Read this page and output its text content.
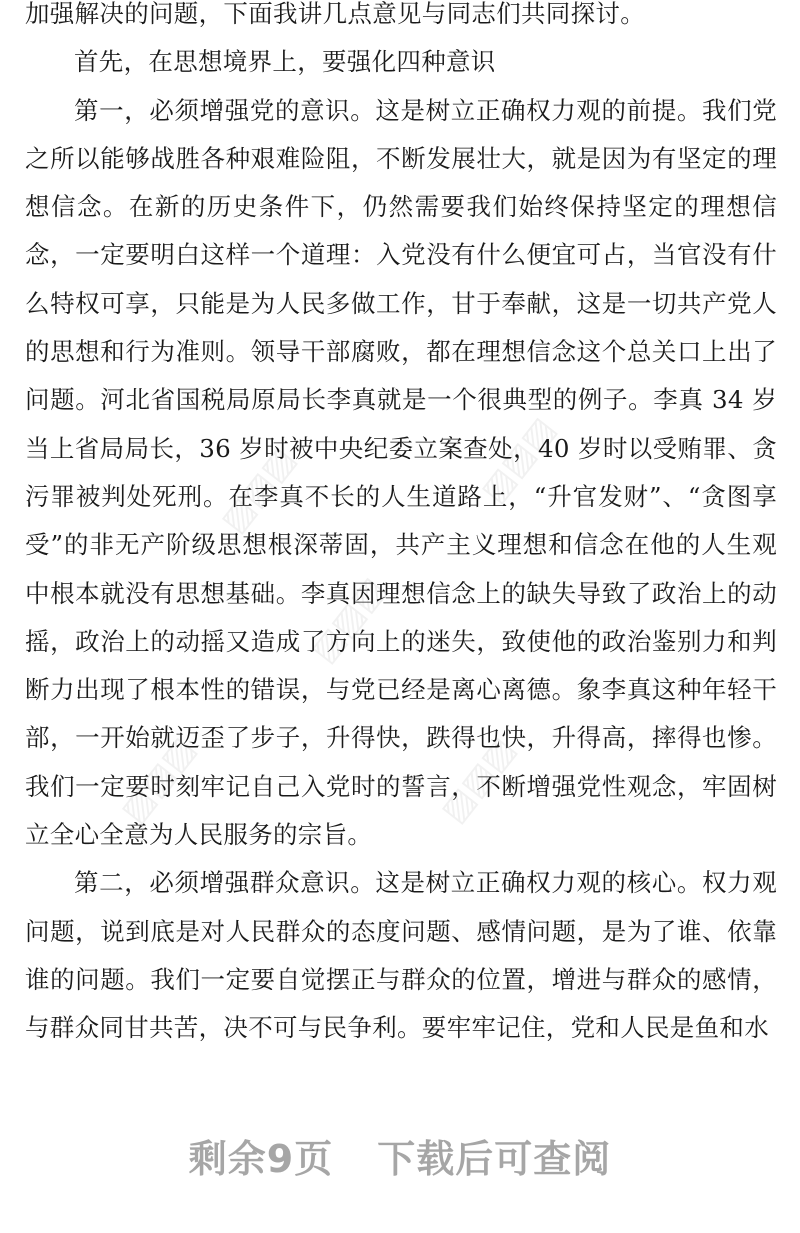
▨▨▨	▨▨▨
▨▨▨
▨▨▨	▨▨▨

加强解决的问题，下面我讲几点意见与同志们共同探讨。

首先，在思想境界上，要强化四种意识

第一，必须增强党的意识。这是树立正确权力观的前提。我们党之所以能够战胜各种艰难险阻，不断发展壮大，就是因为有坚定的理想信念。在新的历史条件下，仍然需要我们始终保持坚定的理想信念，一定要明白这样一个道理：入党没有什么便宜可占，当官没有什么特权可享，只能是为人民多做工作，甘于奉献，这是一切共产党人的思想和行为准则。领导干部腐败，都在理想信念这个总关口上出了问题。河北省国税局原局长李真就是一个很典型的例子。李真 34 岁当上省局局长，36 岁时被中央纪委立案查处，40 岁时以受贿罪、贪污罪被判处死刑。在李真不长的人生道路上，“升官发财”、“贪图享受”的非无产阶级思想根深蒂固，共产主义理想和信念在他的人生观中根本就没有思想基础。李真因理想信念上的缺失导致了政治上的动摇，政治上的动摇又造成了方向上的迷失，致使他的政治鉴别力和判断力出现了根本性的错误，与党已经是离心离德。象李真这种年轻干部，一开始就迈歪了步子，升得快，跌得也快，升得高，摔得也惨。我们一定要时刻牢记自己入党时的誓言，不断增强党性观念，牢固树立全心全意为人民服务的宗旨。

第二，必须增强群众意识。这是树立正确权力观的核心。权力观问题，说到底是对人民群众的态度问题、感情问题，是为了谁、依靠谁的问题。我们一定要自觉摆正与群众的位置，增进与群众的感情，与群众同甘共苦，决不可与民争利。要牢牢记住，党和人民是鱼和水

剩余9页 下载后可查阅
